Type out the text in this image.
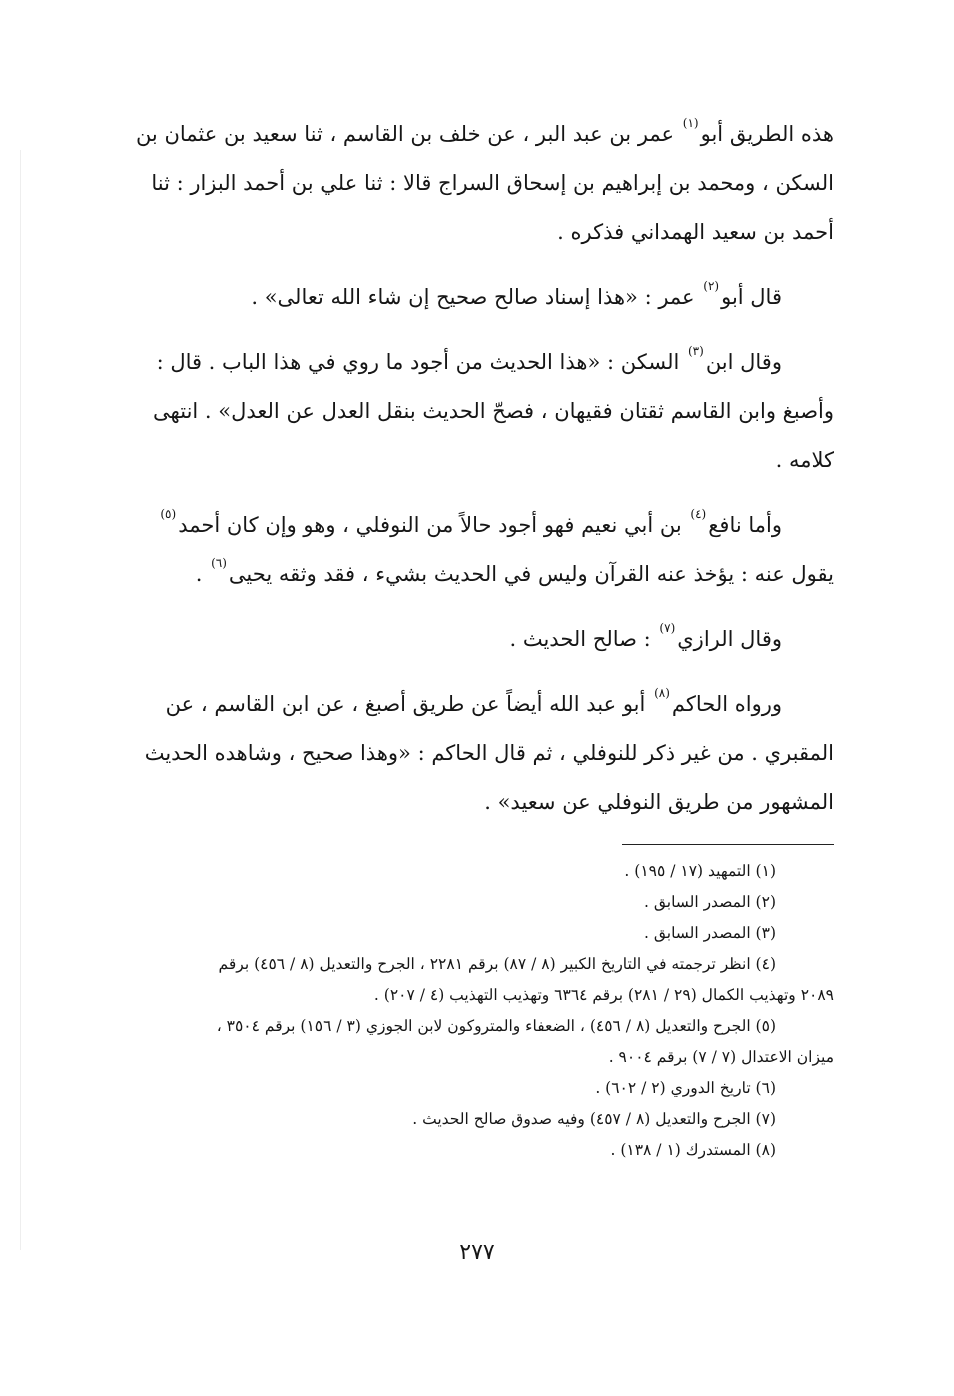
هذه الطريق أبو$^{(١)}$ عمر بن عبد البر ، عن خلف بن القاسم ، ثنا سعيد بن عثمان بن
السكن ، ومحمد بن إبراهيم بن إسحاق السراج قالا : ثنا علي بن أحمد البزار : ثنا
أحمد بن سعيد الهمداني فذكره .

قال أبو$^{(٢)}$ عمر : «هذا إسناد صالح صحيح إن شاء الله تعالى» .

وقال ابن$^{(٣)}$ السكن : «هذا الحديث من أجود ما روي في هذا الباب . قال :
وأصبغ وابن القاسم ثقتان فقيهان ، فصحّ الحديث بنقل العدل عن العدل» . انتهى
كلامه .

وأما نافع$^{(٤)}$ بن أبي نعيم فهو أجود حالاً من النوفلي ، وهو وإن كان أحمد$^{(٥)}$
يقول عنه : يؤخذ عنه القرآن وليس في الحديث بشيء ، فقد وثقه يحيى$^{(٦)}$ .

وقال الرازي$^{(٧)}$ : صالح الحديث .

ورواه الحاكم$^{(٨)}$ أبو عبد الله أيضاً عن طريق أصبغ ، عن ابن القاسم ، عن
المقبري . من غير ذكر للنوفلي ، ثم قال الحاكم : «وهذا صحيح ، وشاهده الحديث
المشهور من طريق النوفلي عن سعيد» .

(١) التمهيد (١٧ / ١٩٥) .
(٢) المصدر السابق .
(٣) المصدر السابق .
(٤) انظر ترجمته في التاريخ الكبير (٨ / ٨٧) برقم ٢٢٨١ ، الجرح والتعديل (٨ / ٤٥٦) برقم
٢٠٨٩ وتهذيب الكمال (٢٩ / ٢٨١) برقم ٦٣٦٤ وتهذيب التهذيب (٤ / ٢٠٧) .
(٥) الجرح والتعديل (٨ / ٤٥٦) ، الضعفاء والمتروكون لابن الجوزي (٣ / ١٥٦) برقم ٣٥٠٤ ،
ميزان الاعتدال (٧ / ٧) برقم ٩٠٠٤ .
(٦) تاريخ الدوري (٢ / ٦٠٢) .
(٧) الجرح والتعديل (٨ / ٤٥٧) وفيه صدوق صالح الحديث .
(٨) المستدرك (١ / ١٣٨) .
٢٧٧
